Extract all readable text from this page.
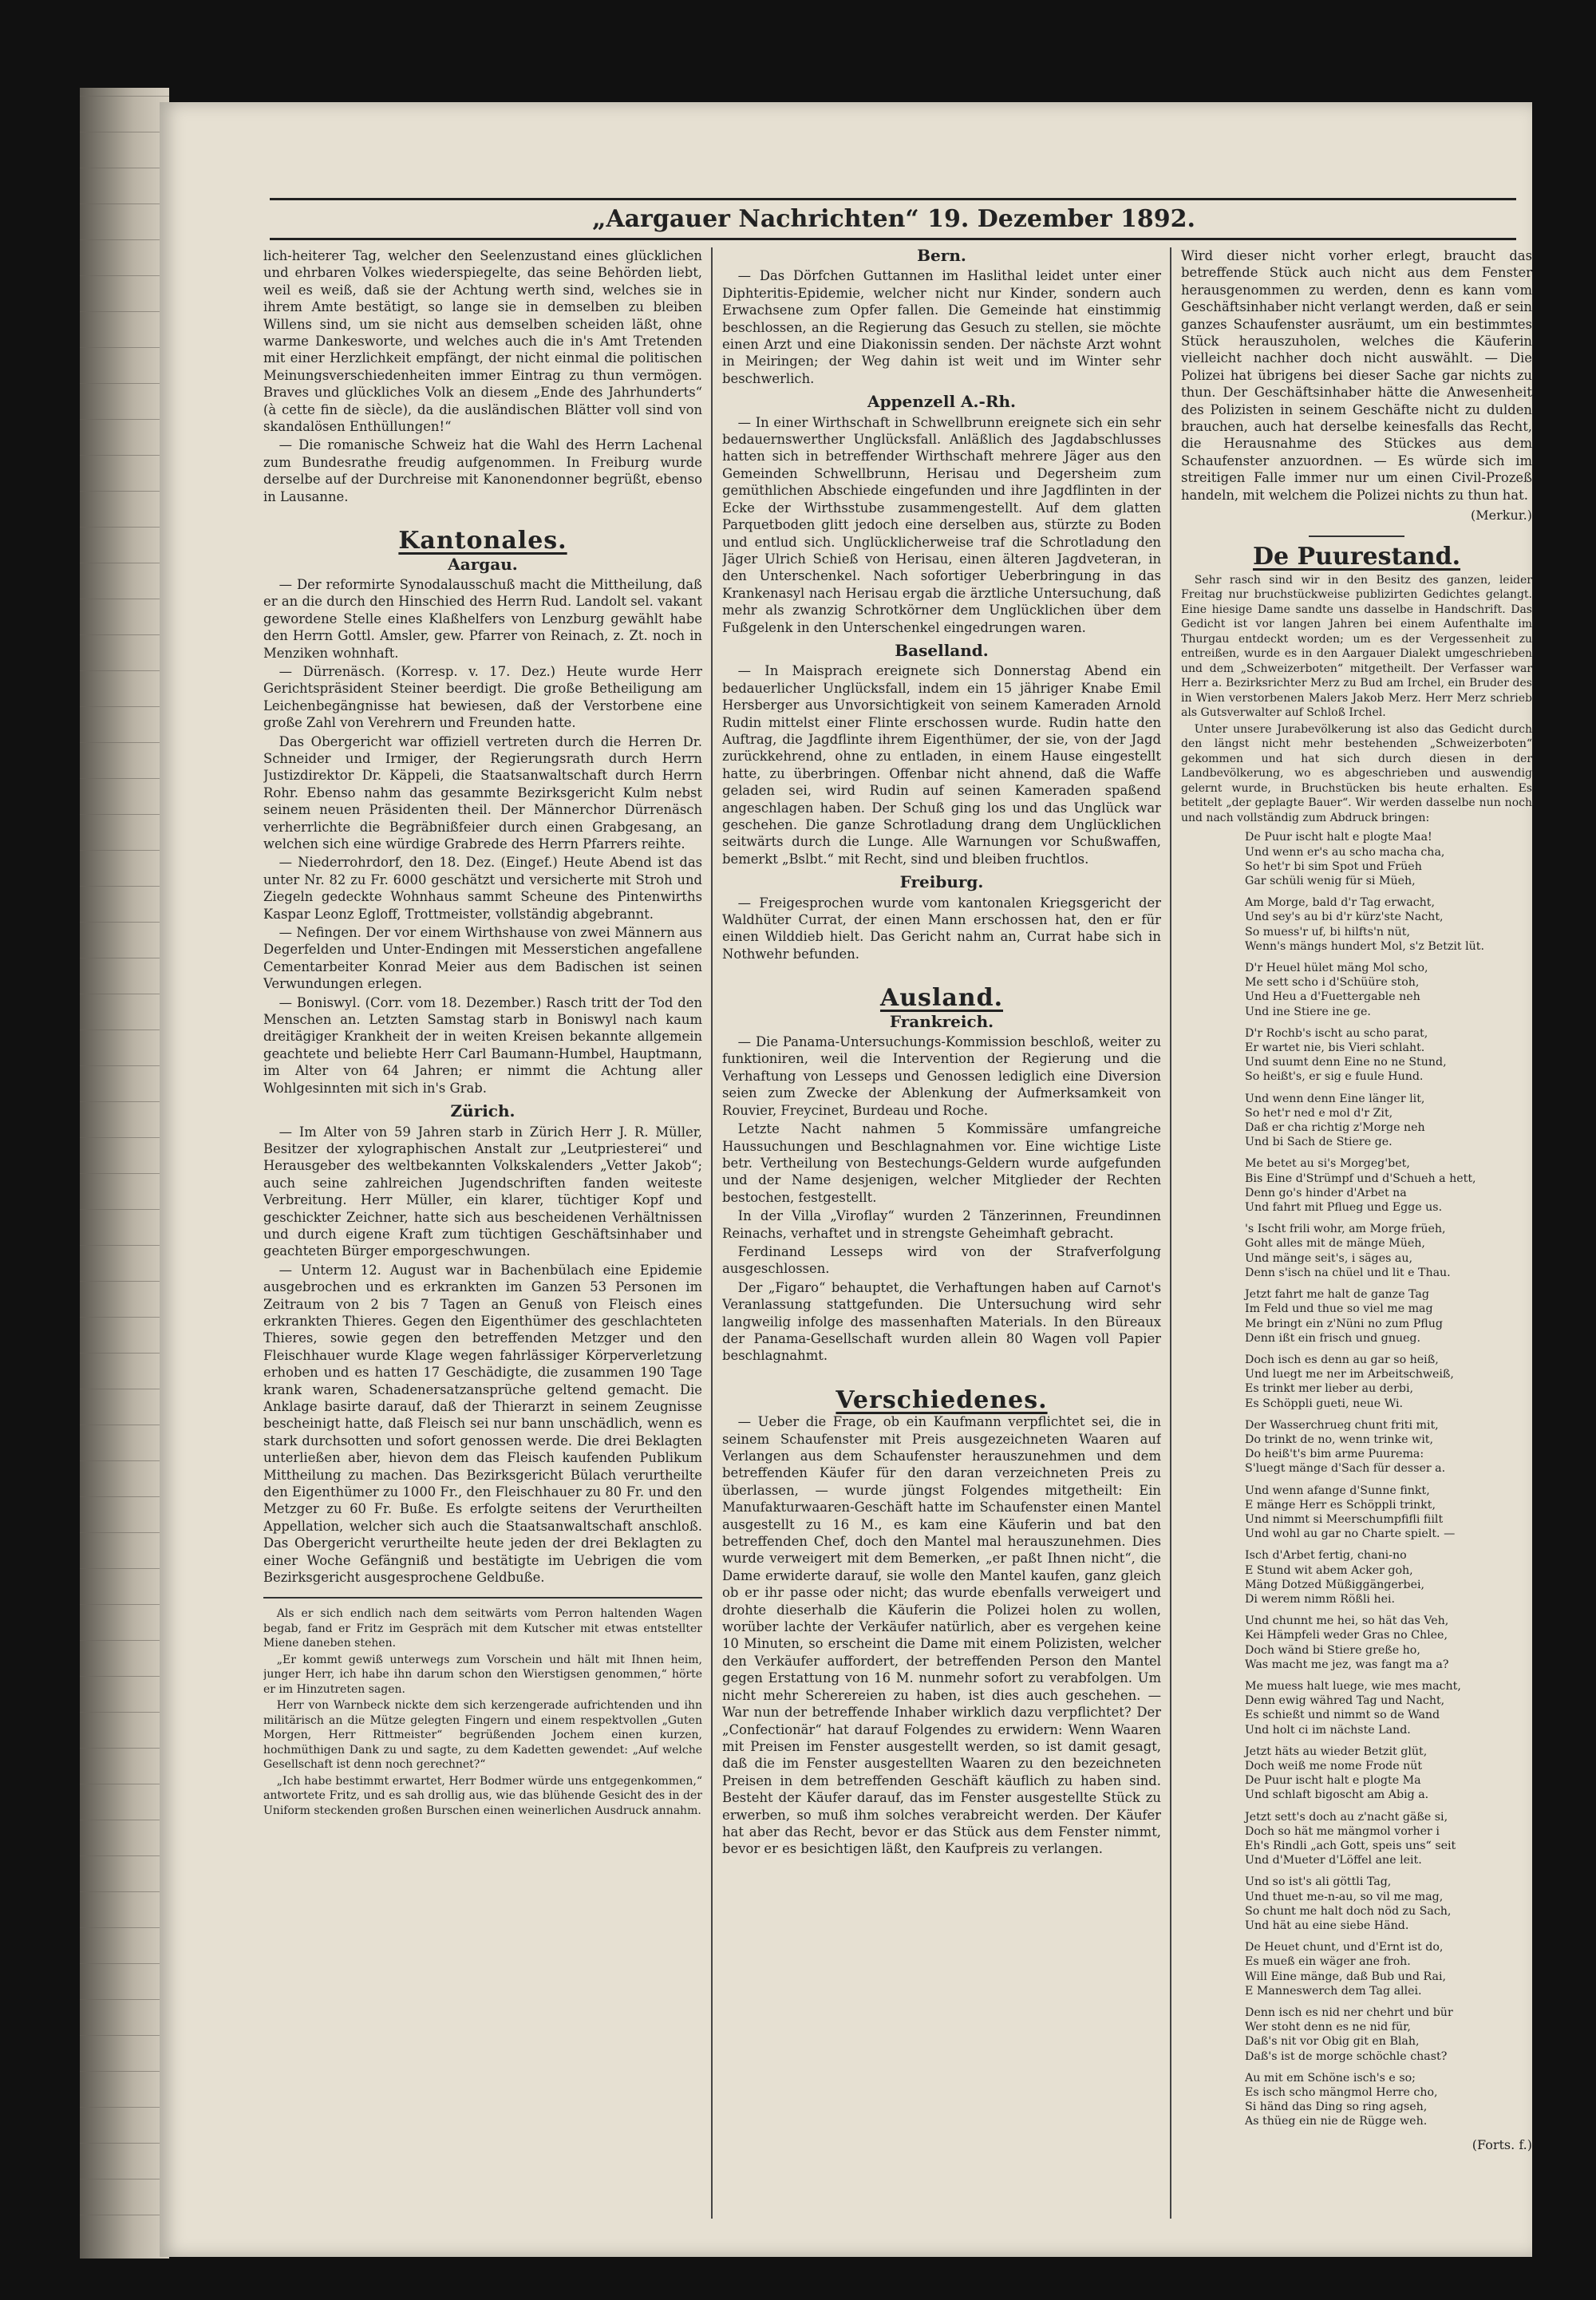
„Aargauer Nachrichten“ 19. Dezember 1892.

lich-heiterer Tag, welcher den Seelenzustand eines glücklichen und ehrbaren Volkes wiederspiegelte, das seine Behörden liebt, weil es weiß, daß sie der Achtung werth sind, welches sie in ihrem Amte bestätigt, so lange sie in demselben zu bleiben Willens sind, um sie nicht aus demselben scheiden läßt, ohne warme Dankesworte, und welches auch die in's Amt Tretenden mit einer Herzlichkeit empfängt, der nicht einmal die politischen Meinungsverschiedenheiten immer Eintrag zu thun vermögen. Braves und glückliches Volk an diesem „Ende des Jahrhunderts“ (à cette fin de siècle), da die ausländischen Blätter voll sind von skandalösen Enthüllungen!“

— Die romanische Schweiz hat die Wahl des Herrn Lachenal zum Bundesrathe freudig aufgenommen. In Freiburg wurde derselbe auf der Durchreise mit Kanonendonner begrüßt, ebenso in Lausanne.

Kantonales.
Aargau.

— Der reformirte Synodalausschuß macht die Mittheilung, daß er an die durch den Hinschied des Herrn Rud. Landolt sel. vakant gewordene Stelle eines Klaßhelfers von Lenzburg gewählt habe den Herrn Gottl. Amsler, gew. Pfarrer von Reinach, z. Zt. noch in Menziken wohnhaft.

— Dürrenäsch. (Korresp. v. 17. Dez.) Heute wurde Herr Gerichtspräsident Steiner beerdigt. Die große Betheiligung am Leichenbegängnisse hat bewiesen, daß der Verstorbene eine große Zahl von Verehrern und Freunden hatte.

Das Obergericht war offiziell vertreten durch die Herren Dr. Schneider und Irmiger, der Regierungsrath durch Herrn Justizdirektor Dr. Käppeli, die Staatsanwaltschaft durch Herrn Rohr. Ebenso nahm das gesammte Bezirksgericht Kulm nebst seinem neuen Präsidenten theil. Der Männerchor Dürrenäsch verherrlichte die Begräbnißfeier durch einen Grabgesang, an welchen sich eine würdige Grabrede des Herrn Pfarrers reihte.

— Niederrohrdorf, den 18. Dez. (Eingef.) Heute Abend ist das unter Nr. 82 zu Fr. 6000 geschätzt und versicherte mit Stroh und Ziegeln gedeckte Wohnhaus sammt Scheune des Pintenwirths Kaspar Leonz Egloff, Trottmeister, vollständig abgebrannt.

— Nefingen. Der vor einem Wirthshause von zwei Männern aus Degerfelden und Unter-Endingen mit Messerstichen angefallene Cementarbeiter Konrad Meier aus dem Badischen ist seinen Verwundungen erlegen.

— Boniswyl. (Corr. vom 18. Dezember.) Rasch tritt der Tod den Menschen an. Letzten Samstag starb in Boniswyl nach kaum dreitägiger Krankheit der in weiten Kreisen bekannte allgemein geachtete und beliebte Herr Carl Baumann-Humbel, Hauptmann, im Alter von 64 Jahren; er nimmt die Achtung aller Wohlgesinnten mit sich in's Grab.

Zürich.

— Im Alter von 59 Jahren starb in Zürich Herr J. R. Müller, Besitzer der xylographischen Anstalt zur „Leutpriesterei“ und Herausgeber des weltbekannten Volkskalenders „Vetter Jakob“; auch seine zahlreichen Jugendschriften fanden weiteste Verbreitung. Herr Müller, ein klarer, tüchtiger Kopf und geschickter Zeichner, hatte sich aus bescheidenen Verhältnissen und durch eigene Kraft zum tüchtigen Geschäftsinhaber und geachteten Bürger emporgeschwungen.

— Unterm 12. August war in Bachenbülach eine Epidemie ausgebrochen und es erkrankten im Ganzen 53 Personen im Zeitraum von 2 bis 7 Tagen an Genuß von Fleisch eines erkrankten Thieres. Gegen den Eigenthümer des geschlachteten Thieres, sowie gegen den betreffenden Metzger und den Fleischhauer wurde Klage wegen fahrlässiger Körperverletzung erhoben und es hatten 17 Geschädigte, die zusammen 190 Tage krank waren, Schadenersatzansprüche geltend gemacht. Die Anklage basirte darauf, daß der Thierarzt in seinem Zeugnisse bescheinigt hatte, daß Fleisch sei nur bann unschädlich, wenn es stark durchsotten und sofort genossen werde. Die drei Beklagten unterließen aber, hievon dem das Fleisch kaufenden Publikum Mittheilung zu machen. Das Bezirksgericht Bülach verurtheilte den Eigenthümer zu 1000 Fr., den Fleischhauer zu 80 Fr. und den Metzger zu 60 Fr. Buße. Es erfolgte seitens der Verurtheilten Appellation, welcher sich auch die Staatsanwaltschaft anschloß. Das Obergericht verurtheilte heute jeden der drei Beklagten zu einer Woche Gefängniß und bestätigte im Uebrigen die vom Bezirksgericht ausgesprochene Geldbuße.

Als er sich endlich nach dem seitwärts vom Perron haltenden Wagen begab, fand er Fritz im Gespräch mit dem Kutscher mit etwas entstellter Miene daneben stehen.

„Er kommt gewiß unterwegs zum Vorschein und hält mit Ihnen heim, junger Herr, ich habe ihn darum schon den Wierstigsen genommen,“ hörte er im Hinzutreten sagen.

Herr von Warnbeck nickte dem sich kerzengerade aufrichtenden und ihn militärisch an die Mütze gelegten Fingern und einem respektvollen „Guten Morgen, Herr Rittmeister“ begrüßenden Jochem einen kurzen, hochmüthigen Dank zu und sagte, zu dem Kadetten gewendet: „Auf welche Gesellschaft ist denn noch gerechnet?“

„Ich habe bestimmt erwartet, Herr Bodmer würde uns entgegenkommen,“ antwortete Fritz, und es sah drollig aus, wie das blühende Gesicht des in der Uniform steckenden großen Burschen einen weinerlichen Ausdruck annahm.

Bern.

— Das Dörfchen Guttannen im Haslithal leidet unter einer Diphteritis-Epidemie, welcher nicht nur Kinder, sondern auch Erwachsene zum Opfer fallen. Die Gemeinde hat einstimmig beschlossen, an die Regierung das Gesuch zu stellen, sie möchte einen Arzt und eine Diakonissin senden. Der nächste Arzt wohnt in Meiringen; der Weg dahin ist weit und im Winter sehr beschwerlich.

Appenzell A.-Rh.

— In einer Wirthschaft in Schwellbrunn ereignete sich ein sehr bedauernswerther Unglücksfall. Anläßlich des Jagdabschlusses hatten sich in betreffender Wirthschaft mehrere Jäger aus den Gemeinden Schwellbrunn, Herisau und Degersheim zum gemüthlichen Abschiede eingefunden und ihre Jagdflinten in der Ecke der Wirthsstube zusammengestellt. Auf dem glatten Parquetboden glitt jedoch eine derselben aus, stürzte zu Boden und entlud sich. Unglücklicherweise traf die Schrotladung den Jäger Ulrich Schieß von Herisau, einen älteren Jagdveteran, in den Unterschenkel. Nach sofortiger Ueberbringung in das Krankenasyl nach Herisau ergab die ärztliche Untersuchung, daß mehr als zwanzig Schrotkörner dem Unglücklichen über dem Fußgelenk in den Unterschenkel eingedrungen waren.

Baselland.

— In Maisprach ereignete sich Donnerstag Abend ein bedauerlicher Unglücksfall, indem ein 15 jähriger Knabe Emil Hersberger aus Unvorsichtigkeit von seinem Kameraden Arnold Rudin mittelst einer Flinte erschossen wurde. Rudin hatte den Auftrag, die Jagdflinte ihrem Eigenthümer, der sie, von der Jagd zurückkehrend, ohne zu entladen, in einem Hause eingestellt hatte, zu überbringen. Offenbar nicht ahnend, daß die Waffe geladen sei, wird Rudin auf seinen Kameraden spaßend angeschlagen haben. Der Schuß ging los und das Unglück war geschehen. Die ganze Schrotladung drang dem Unglücklichen seitwärts durch die Lunge. Alle Warnungen vor Schußwaffen, bemerkt „Bslbt.“ mit Recht, sind und bleiben fruchtlos.

Freiburg.

— Freigesprochen wurde vom kantonalen Kriegsgericht der Waldhüter Currat, der einen Mann erschossen hat, den er für einen Wilddieb hielt. Das Gericht nahm an, Currat habe sich in Nothwehr befunden.

Ausland.
Frankreich.

— Die Panama-Untersuchungs-Kommission beschloß, weiter zu funktioniren, weil die Intervention der Regierung und die Verhaftung von Lesseps und Genossen lediglich eine Diversion seien zum Zwecke der Ablenkung der Aufmerksamkeit von Rouvier, Freycinet, Burdeau und Roche.

Letzte Nacht nahmen 5 Kommissäre umfangreiche Haussuchungen und Beschlagnahmen vor. Eine wichtige Liste betr. Vertheilung von Bestechungs-Geldern wurde aufgefunden und der Name desjenigen, welcher Mitglieder der Rechten bestochen, festgestellt.

In der Villa „Viroflay“ wurden 2 Tänzerinnen, Freundinnen Reinachs, verhaftet und in strengste Geheimhaft gebracht.

Ferdinand Lesseps wird von der Strafverfolgung ausgeschlossen.

Der „Figaro“ behauptet, die Verhaftungen haben auf Carnot's Veranlassung stattgefunden. Die Untersuchung wird sehr langweilig infolge des massenhaften Materials. In den Büreaux der Panama-Gesellschaft wurden allein 80 Wagen voll Papier beschlagnahmt.

Verschiedenes.

— Ueber die Frage, ob ein Kaufmann verpflichtet sei, die in seinem Schaufenster mit Preis ausgezeichneten Waaren auf Verlangen aus dem Schaufenster herauszunehmen und dem betreffenden Käufer für den daran verzeichneten Preis zu überlassen, — wurde jüngst Folgendes mitgetheilt: Ein Manufakturwaaren-Geschäft hatte im Schaufenster einen Mantel ausgestellt zu 16 M., es kam eine Käuferin und bat den betreffenden Chef, doch den Mantel mal herauszunehmen. Dies wurde verweigert mit dem Bemerken, „er paßt Ihnen nicht“, die Dame erwiderte darauf, sie wolle den Mantel kaufen, ganz gleich ob er ihr passe oder nicht; das wurde ebenfalls verweigert und drohte dieserhalb die Käuferin die Polizei holen zu wollen, worüber lachte der Verkäufer natürlich, aber es vergehen keine 10 Minuten, so erscheint die Dame mit einem Polizisten, welcher den Verkäufer auffordert, der betreffenden Person den Mantel gegen Erstattung von 16 M. nunmehr sofort zu verabfolgen. Um nicht mehr Scherereien zu haben, ist dies auch geschehen. — War nun der betreffende Inhaber wirklich dazu verpflichtet? Der „Confectionär“ hat darauf Folgendes zu erwidern: Wenn Waaren mit Preisen im Fenster ausgestellt werden, so ist damit gesagt, daß die im Fenster ausgestellten Waaren zu den bezeichneten Preisen in dem betreffenden Geschäft käuflich zu haben sind. Besteht der Käufer darauf, das im Fenster ausgestellte Stück zu erwerben, so muß ihm solches verabreicht werden. Der Käufer hat aber das Recht, bevor er das Stück aus dem Fenster nimmt, bevor er es besichtigen läßt, den Kaufpreis zu verlangen.

Wird dieser nicht vorher erlegt, braucht das betreffende Stück auch nicht aus dem Fenster herausgenommen zu werden, denn es kann vom Geschäftsinhaber nicht verlangt werden, daß er sein ganzes Schaufenster ausräumt, um ein bestimmtes Stück herauszuholen, welches die Käuferin vielleicht nachher doch nicht auswählt. — Die Polizei hat übrigens bei dieser Sache gar nichts zu thun. Der Geschäftsinhaber hätte die Anwesenheit des Polizisten in seinem Geschäfte nicht zu dulden brauchen, auch hat derselbe keinesfalls das Recht, die Herausnahme des Stückes aus dem Schaufenster anzuordnen. — Es würde sich im streitigen Falle immer nur um einen Civil-Prozeß handeln, mit welchem die Polizei nichts zu thun hat.

(Merkur.)
De Puurestand.

Sehr rasch sind wir in den Besitz des ganzen, leider Freitag nur bruchstückweise publizirten Gedichtes gelangt. Eine hiesige Dame sandte uns dasselbe in Handschrift. Das Gedicht ist vor langen Jahren bei einem Aufenthalte im Thurgau entdeckt worden; um es der Vergessenheit zu entreißen, wurde es in den Aargauer Dialekt umgeschrieben und dem „Schweizerboten“ mitgetheilt. Der Verfasser war Herr a. Bezirksrichter Merz zu Bud am Irchel, ein Bruder des in Wien verstorbenen Malers Jakob Merz. Herr Merz schrieb als Gutsverwalter auf Schloß Irchel.

Unter unsere Jurabevölkerung ist also das Gedicht durch den längst nicht mehr bestehenden „Schweizerboten“ gekommen und hat sich durch diesen in der Landbevölkerung, wo es abgeschrieben und auswendig gelernt wurde, in Bruchstücken bis heute erhalten. Es betitelt „der geplagte Bauer“. Wir werden dasselbe nun noch und nach vollständig zum Abdruck bringen:

De Puur ischt halt e plogte Maa!
Und wenn er's au scho macha cha,
So het'r bi sim Spot und Früeh
Gar schüli wenig für si Müeh,
Am Morge, bald d'r Tag erwacht,
Und sey's au bi d'r kürz'ste Nacht,
So muess'r uf, bi hilfts'n nüt,
Wenn's mängs hundert Mol, s'z Betzit lüt.
D'r Heuel hület mäng Mol scho,
Me sett scho i d'Schüüre stoh,
Und Heu a d'Fuettergable neh
Und ine Stiere ine ge.
D'r Rochb's ischt au scho parat,
Er wartet nie, bis Vieri schlaht.
Und suumt denn Eine no ne Stund,
So heißt's, er sig e fuule Hund.
Und wenn denn Eine länger lit,
So het'r ned e mol d'r Zit,
Daß er cha richtig z'Morge neh
Und bi Sach de Stiere ge.
Me betet au si's Morgeg'bet,
Bis Eine d'Strümpf und d'Schueh a hett,
Denn go's hinder d'Arbet na
Und fahrt mit Pflueg und Egge us.
's Ischt frili wohr, am Morge früeh,
Goht alles mit de mänge Müeh,
Und mänge seit's, i säges au,
Denn s'isch na chüel und lit e Thau.
Jetzt fahrt me halt de ganze Tag
Im Feld und thue so viel me mag
Me bringt ein z'Nüni no zum Pflug
Denn ißt ein frisch und gnueg.
Doch isch es denn au gar so heiß,
Und luegt me ner im Arbeitschweiß,
Es trinkt mer lieber au derbi,
Es Schöppli gueti, neue Wi.
Der Wasserchrueg chunt friti mit,
Do trinkt de no, wenn trinke wit,
Do heiß't's bim arme Puurema:
S'luegt mänge d'Sach für desser a.
Und wenn afange d'Sunne finkt,
E mänge Herr es Schöppli trinkt,
Und nimmt si Meerschumpfifli fiilt
Und wohl au gar no Charte spielt. —
Isch d'Arbet fertig, chani-no
E Stund wit abem Acker goh,
Mäng Dotzed Müßiggängerbei,
Di werem nimm Rößli hei.
Und chunnt me hei, so hät das Veh,
Kei Hämpfeli weder Gras no Chlee,
Doch wänd bi Stiere greße ho,
Was macht me jez, was fangt ma a?
Me muess halt luege, wie mes macht,
Denn ewig währed Tag und Nacht,
Es schießt und nimmt so de Wand
Und holt ci im nächste Land.
Jetzt häts au wieder Betzit glüt,
Doch weiß me nome Frode nüt
De Puur ischt halt e plogte Ma
Und schlaft bigoscht am Abig a.
Jetzt sett's doch au z'nacht gäße si,
Doch so hät me mängmol vorher i
Eh's Rindli „ach Gott, speis uns“ seit
Und d'Mueter d'Löffel ane leit.
Und so ist's ali göttli Tag,
Und thuet me-n-au, so vil me mag,
So chunt me halt doch nöd zu Sach,
Und hät au eine siebe Händ.
De Heuet chunt, und d'Ernt ist do,
Es mueß ein wäger ane froh.
Will Eine mänge, daß Bub und Rai,
E Manneswerch dem Tag allei.
Denn isch es nid ner chehrt und bür
Wer stoht denn es ne nid für,
Daß's nit vor Obig git en Blah,
Daß's ist de morge schöchle chast?
Au mit em Schöne isch's e so;
Es isch scho mängmol Herre cho,
Si händ das Ding so ring agseh,
As thüeg ein nie de Rügge weh.
(Forts. f.)
